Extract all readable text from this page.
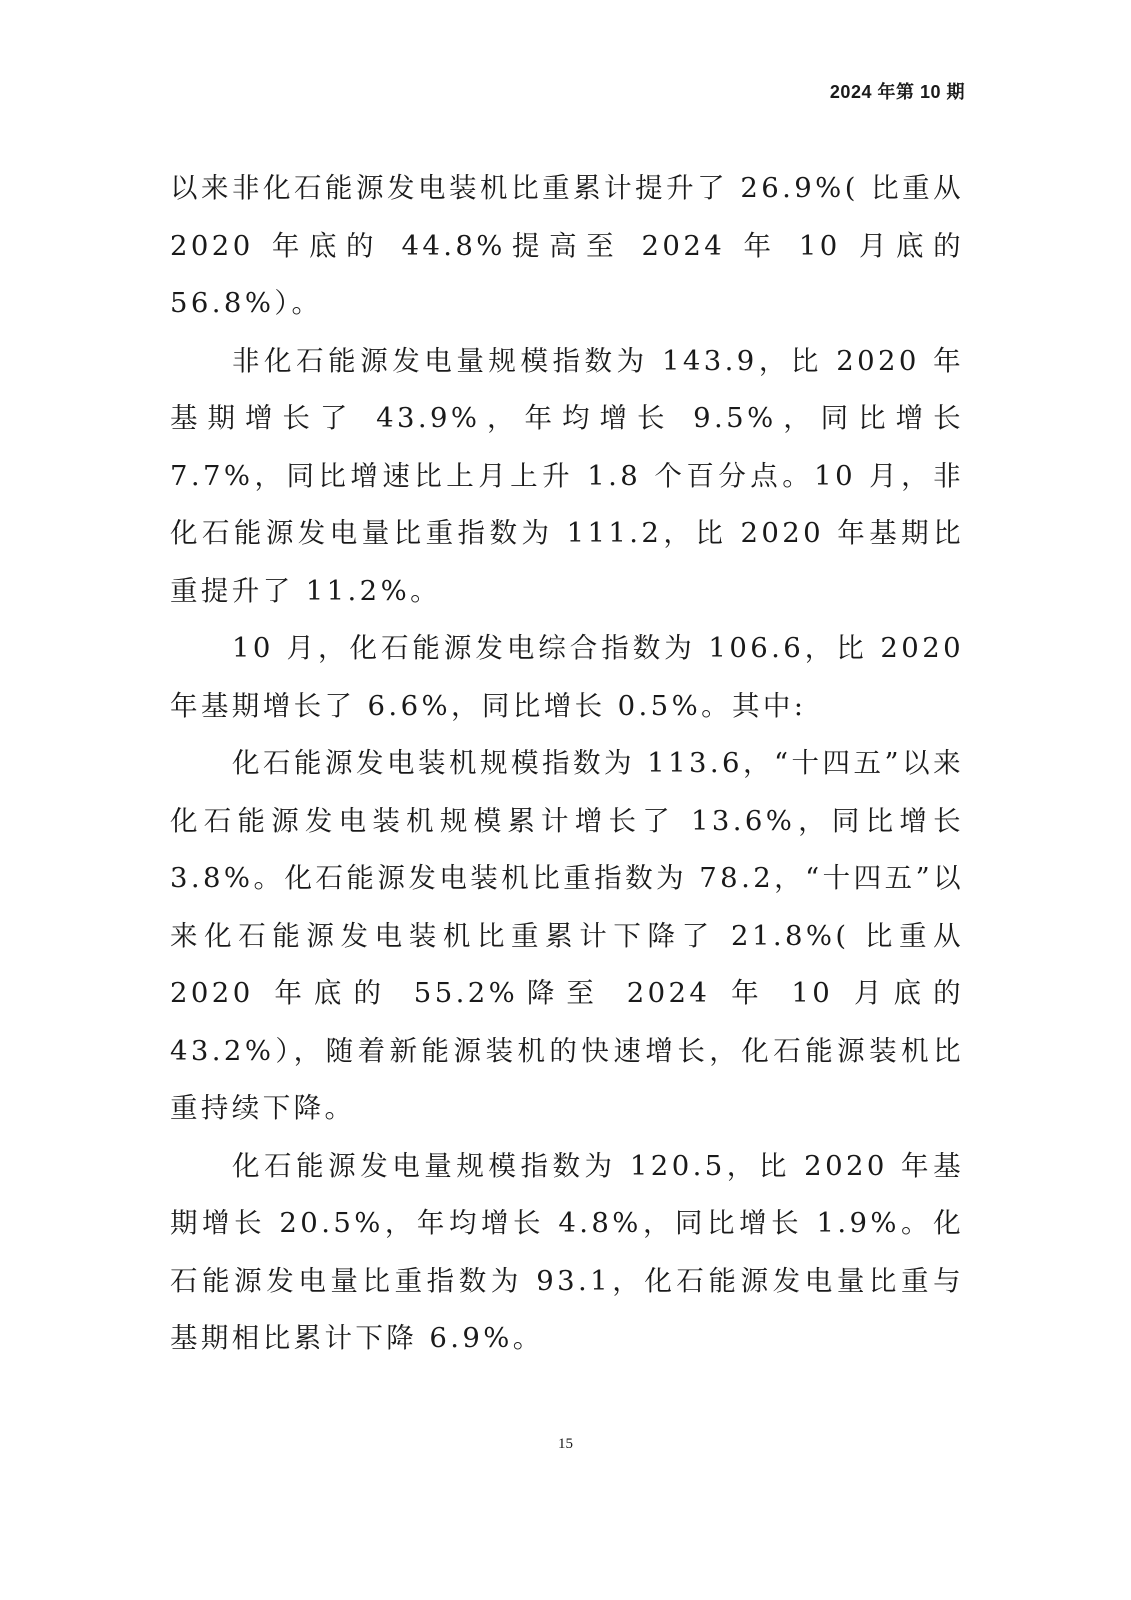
2024 年第 10 期

以来非化石能源发电装机比重累计提升了 26.9%( 比重从 2020 年底的 44.8%提高至 2024 年 10 月底的 56.8%）。

非化石能源发电量规模指数为 143.9，比 2020 年基期增长了 43.9%，年均增长 9.5%，同比增长 7.7%，同比增速比上月上升 1.8 个百分点。10 月，非化石能源发电量比重指数为 111.2，比 2020 年基期比重提升了 11.2%。

10 月，化石能源发电综合指数为 106.6，比 2020 年基期增长了 6.6%，同比增长 0.5%。其中:

化石能源发电装机规模指数为 113.6，“十四五”以来化石能源发电装机规模累计增长了 13.6%，同比增长 3.8%。化石能源发电装机比重指数为 78.2，“十四五”以来化石能源发电装机比重累计下降了 21.8%( 比重从 2020 年底的 55.2%降至 2024 年 10 月底的 43.2%），随着新能源装机的快速增长，化石能源装机比重持续下降。

化石能源发电量规模指数为 120.5，比 2020 年基期增长 20.5%，年均增长 4.8%，同比增长 1.9%。化石能源发电量比重指数为 93.1，化石能源发电量比重与基期相比累计下降 6.9%。

15
